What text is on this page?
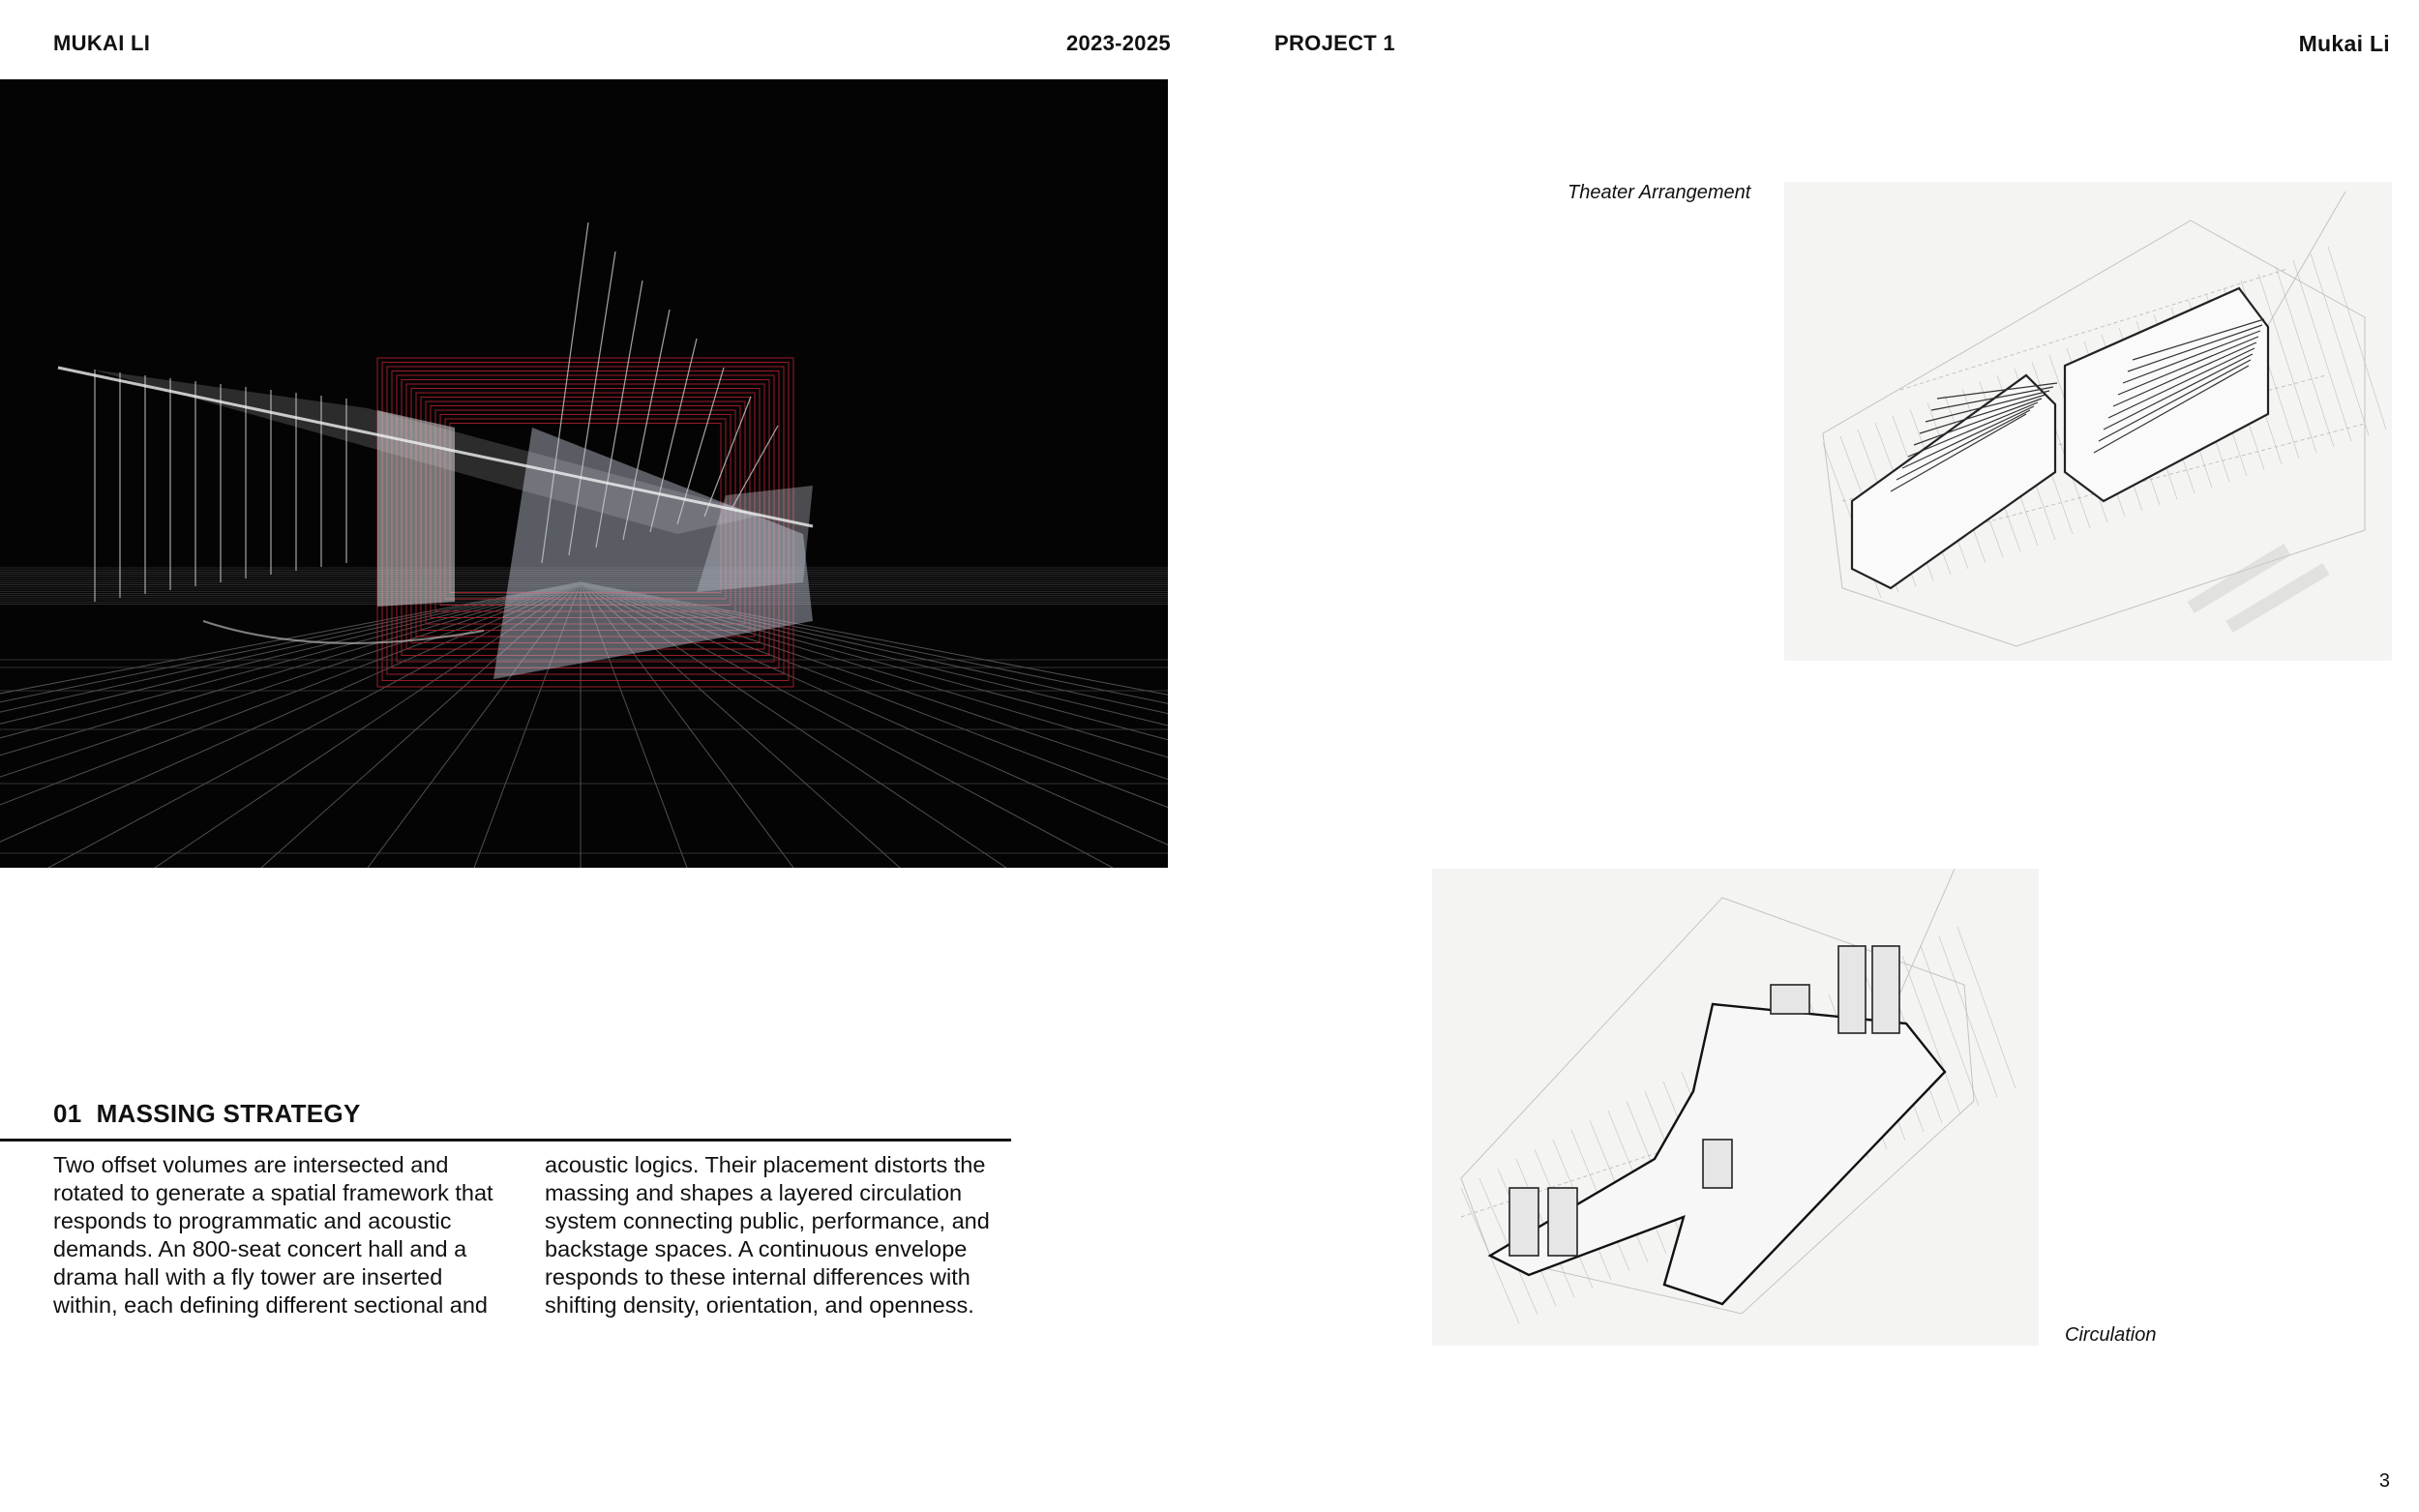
MUKAI LI	2023-2025	PROJECT 1	Mukai Li
01 MASSING STRATEGY
Two offset volumes are intersected and rotated to generate a spatial framework that responds to programmatic and acoustic demands. An 800-seat concert hall and a drama hall with a fly tower are inserted within, each defining different sectional and
acoustic logics. Their placement distorts the massing and shapes a layered circulation system connecting public, performance, and backstage spaces. A continuous envelope responds to these internal differences with shifting density, orientation, and openness.
Theater Arrangement
Circulation
3
